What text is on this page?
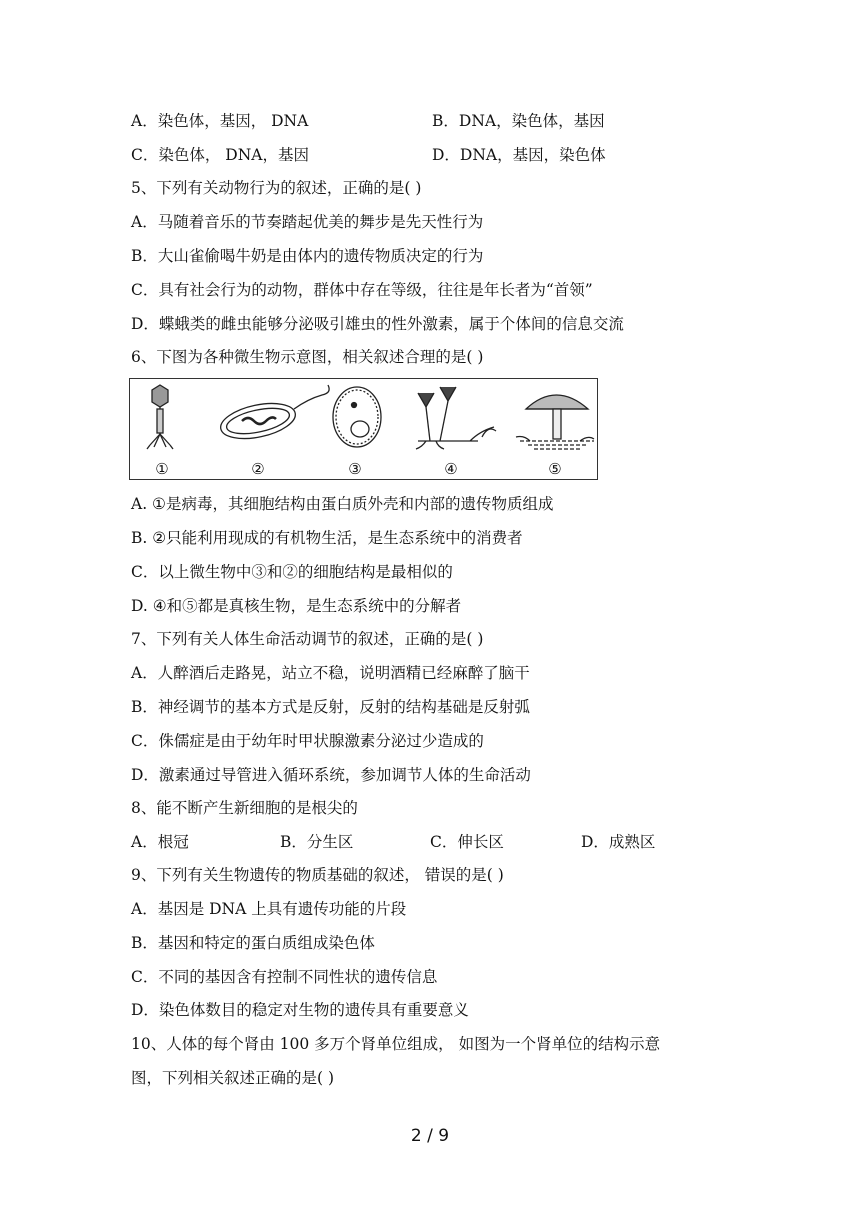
A．染色体，基因， DNA	B．DNA，染色体，基因
C．染色体， DNA，基因	D．DNA，基因，染色体
5、下列有关动物行为的叙述，正确的是( )
A．马随着音乐的节奏踏起优美的舞步是先天性行为
B．大山雀偷喝牛奶是由体内的遗传物质决定的行为
C．具有社会行为的动物，群体中存在等级，往往是年长者为“首领”
D．蝶蛾类的雌虫能够分泌吸引雄虫的性外激素，属于个体间的信息交流
6、下图为各种微生物示意图，相关叙述合理的是( )
①	②	③	④	⑤
A. ①是病毒，其细胞结构由蛋白质外壳和内部的遗传物质组成
B. ②只能利用现成的有机物生活，是生态系统中的消费者
C．以上微生物中③和②的细胞结构是最相似的
D. ④和⑤都是真核生物，是生态系统中的分解者
7、下列有关人体生命活动调节的叙述，正确的是( )
A．人醉酒后走路晃，站立不稳，说明酒精已经麻醉了脑干
B．神经调节的基本方式是反射，反射的结构基础是反射弧
C．侏儒症是由于幼年时甲状腺激素分泌过少造成的
D．激素通过导管进入循环系统，参加调节人体的生命活动
8、能不断产生新细胞的是根尖的
A．根冠	B．分生区	C．伸长区	D．成熟区
9、下列有关生物遗传的物质基础的叙述， 错误的是( )
A．基因是 DNA 上具有遗传功能的片段
B．基因和特定的蛋白质组成染色体
C．不同的基因含有控制不同性状的遗传信息
D．染色体数目的稳定对生物的遗传具有重要意义
10、人体的每个肾由 100 多万个肾单位组成， 如图为一个肾单位的结构示意
图，下列相关叙述正确的是( )
2 / 9
